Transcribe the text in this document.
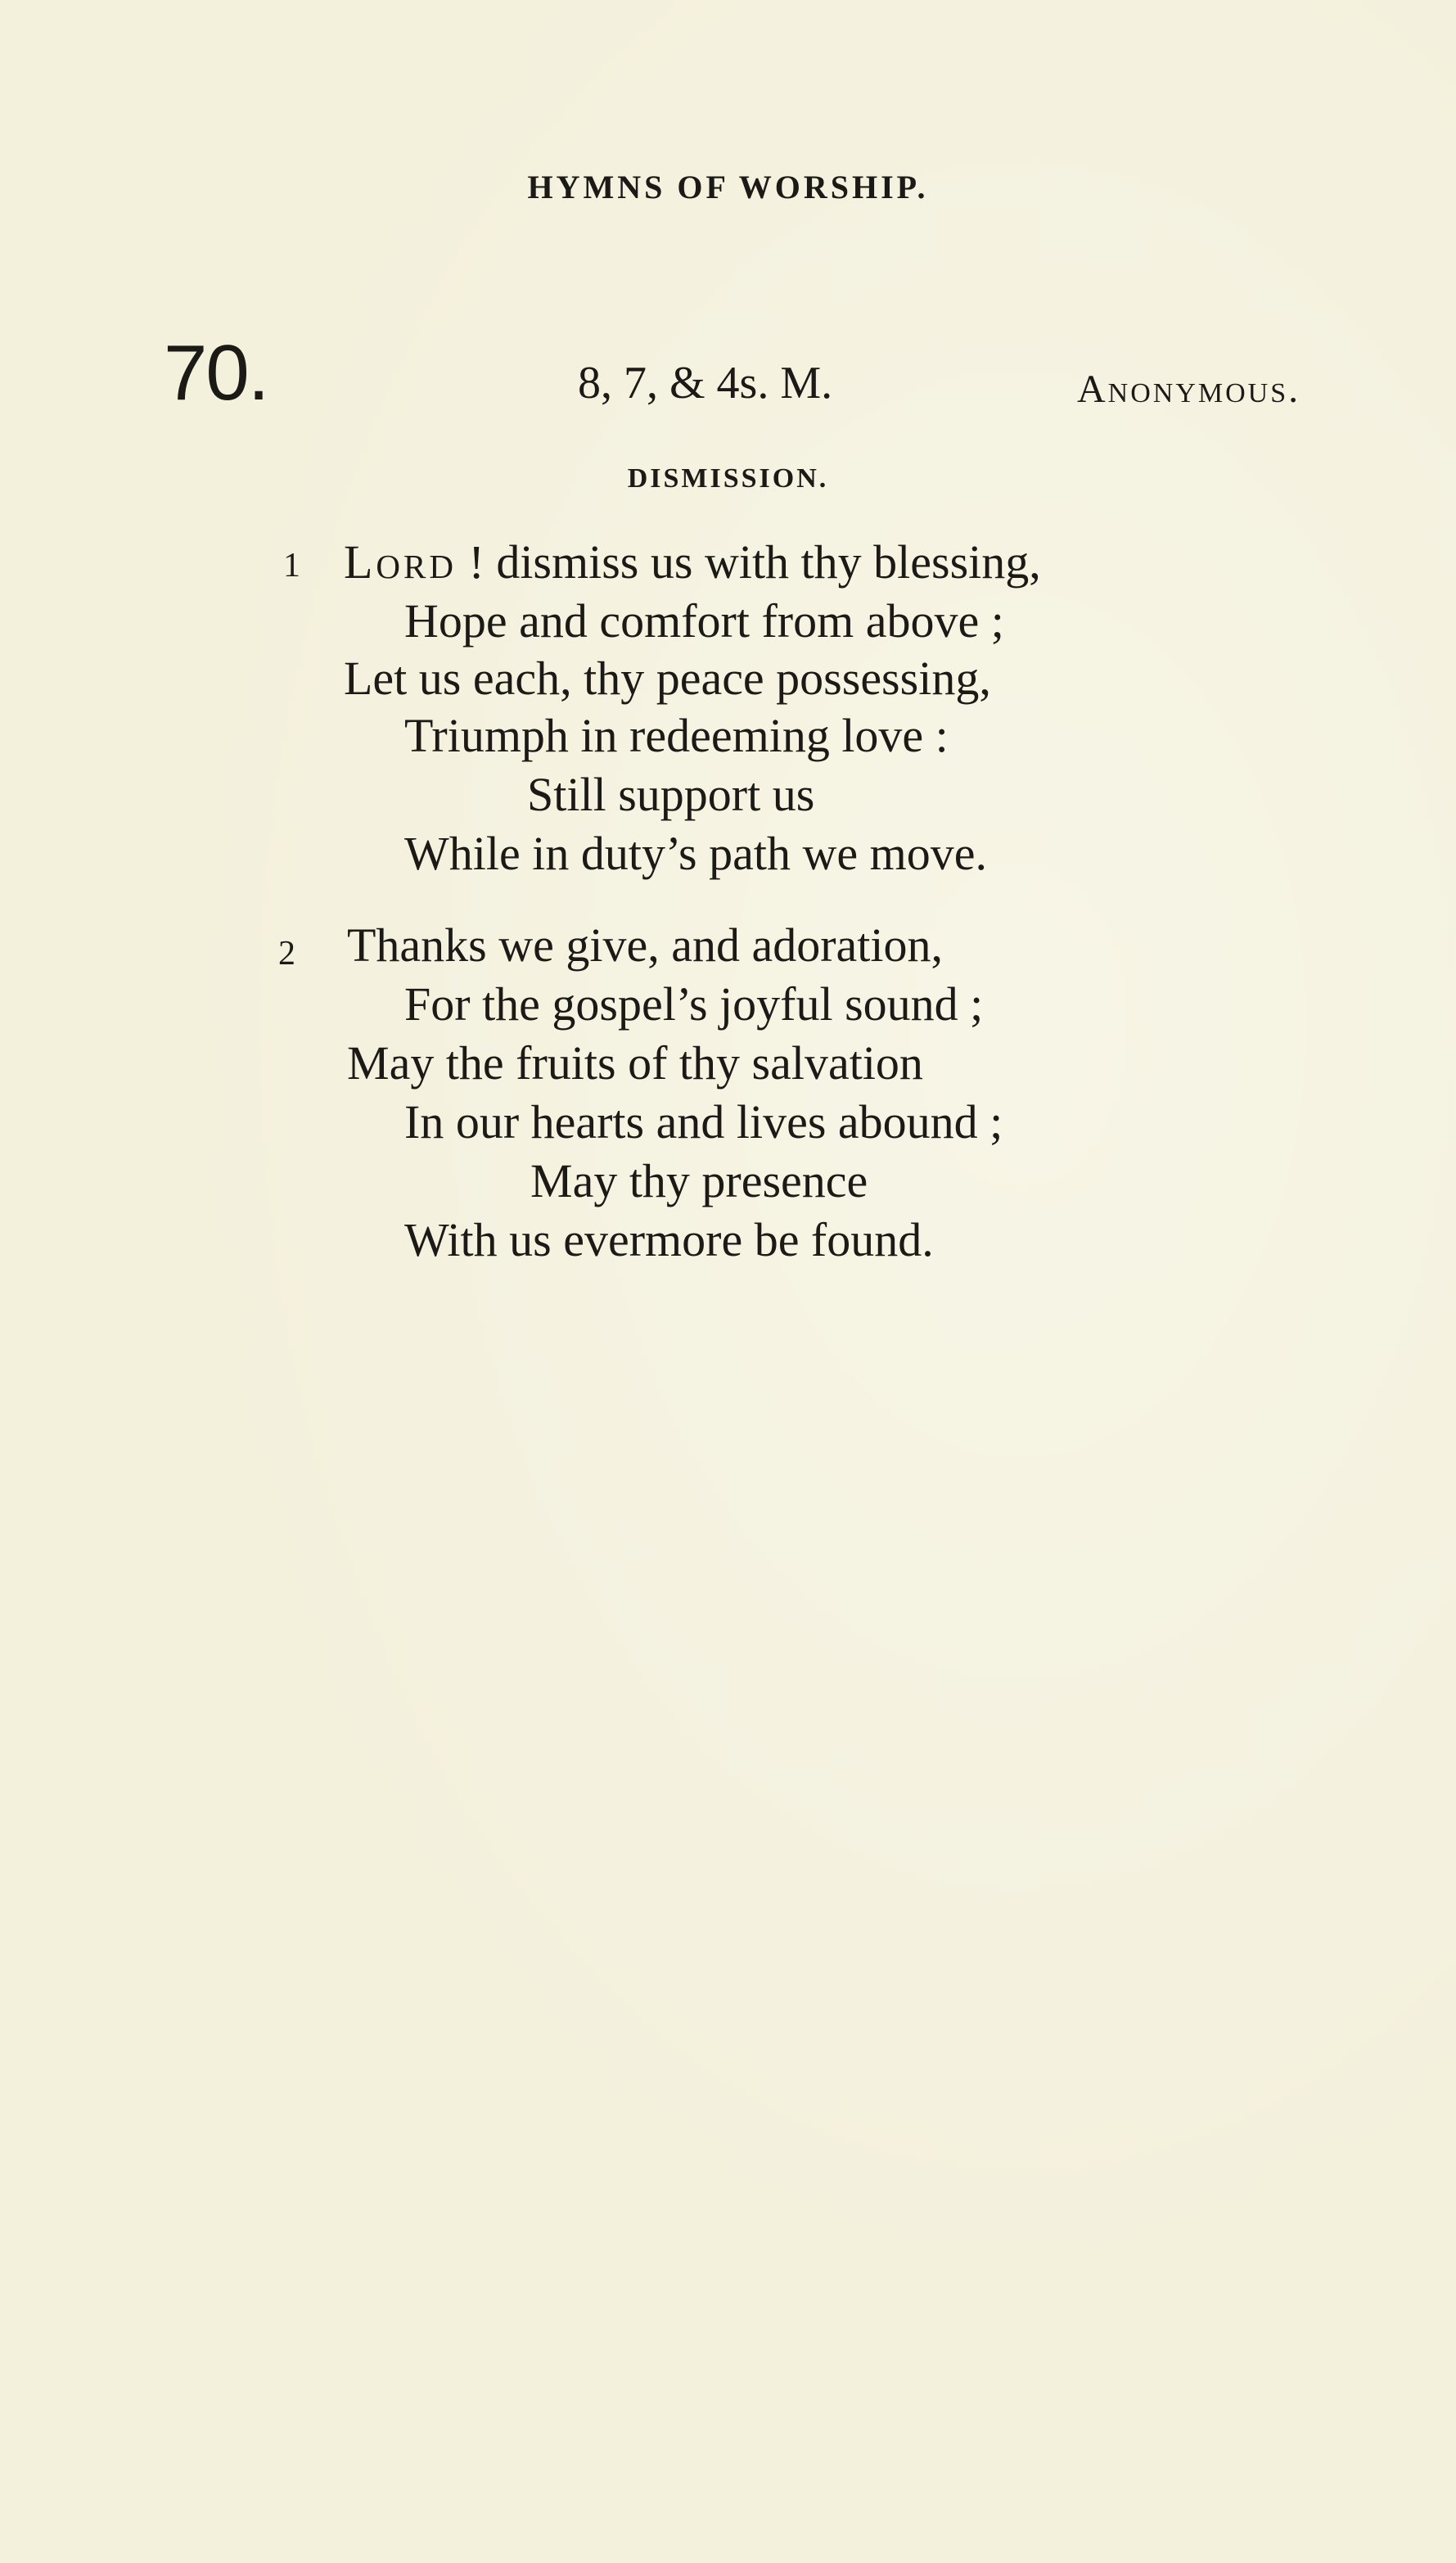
HYMNS OF WORSHIP.
70.	8, 7, & 4s. M.	Anonymous.
DISMISSION.
1 Lord ! dismiss us with thy blessing,
Hope and comfort from above ;
Let us each, thy peace possessing,
Triumph in redeeming love :
Still support us
While in duty’s path we move.
2 Thanks we give, and adoration,
For the gospel’s joyful sound ;
May the fruits of thy salvation
In our hearts and lives abound ;
May thy presence
With us evermore be found.
